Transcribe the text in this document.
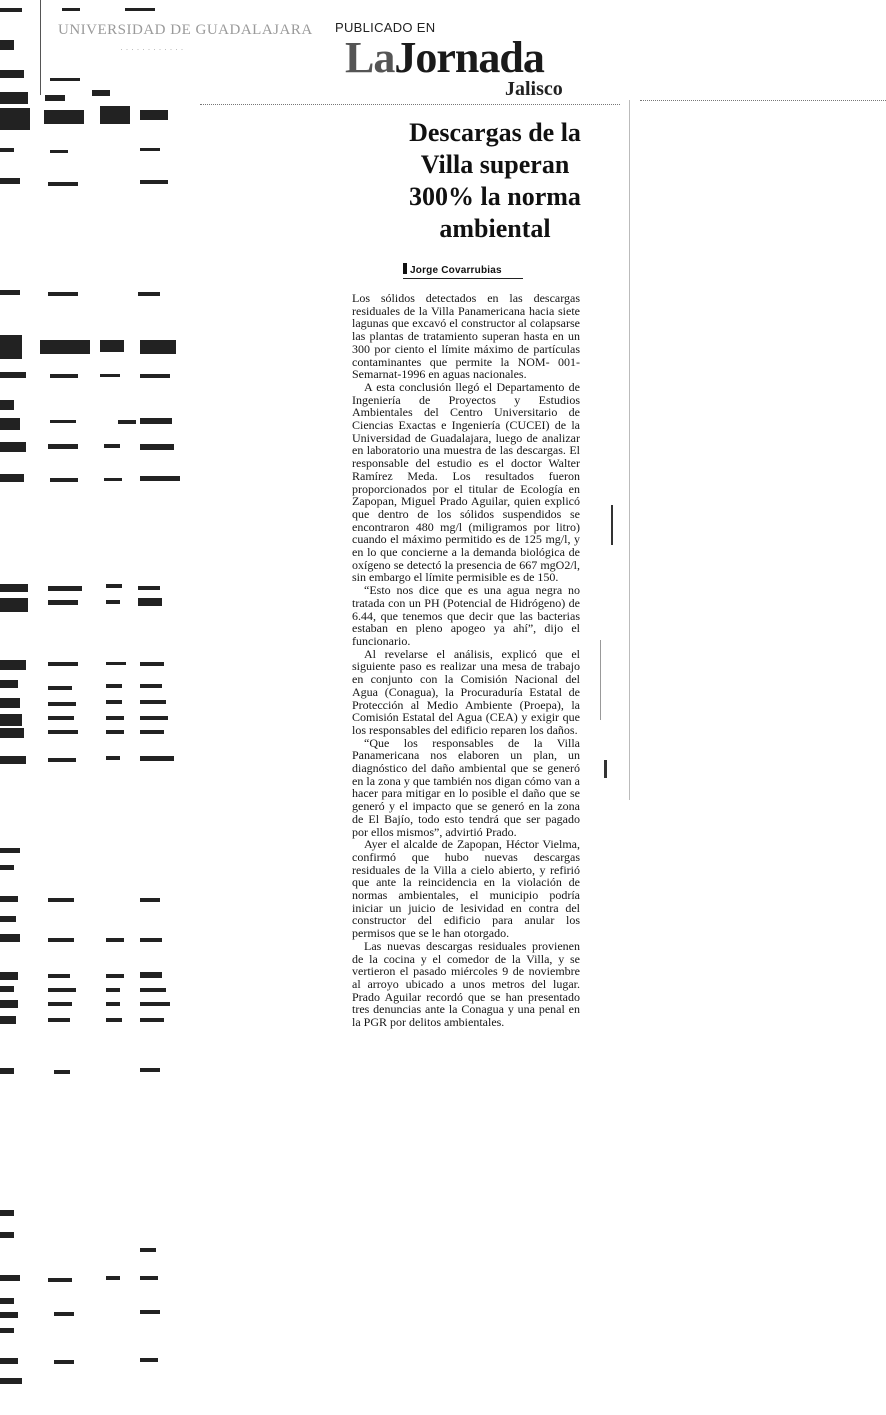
UNIVERSIDAD DE GUADALAJARA
· · · · · · · · · · · ·
PUBLICADO EN
LaJornada
Jalisco
Descargas de la Villa superan 300% la norma ambiental
Jorge Covarrubias

Los sólidos detectados en las descargas residuales de la Villa Panamericana hacia siete lagunas que excavó el constructor al colapsarse las plantas de tratamiento superan hasta en un 300 por ciento el límite máximo de partículas contaminantes que permite la NOM- 001-Semarnat-1996 en aguas nacionales.

A esta conclusión llegó el Departamento de Ingeniería de Proyectos y Estudios Ambientales del Centro Universitario de Ciencias Exactas e Ingeniería (CUCEI) de la Universidad de Guadalajara, luego de analizar en laboratorio una muestra de las descargas. El responsable del estudio es el doctor Walter Ramírez Meda. Los resultados fueron proporcionados por el titular de Ecología en Zapopan, Miguel Prado Aguilar, quien explicó que dentro de los sólidos suspendidos se encontraron 480 mg/l (miligramos por litro) cuando el máximo permitido es de 125 mg/l, y en lo que concierne a la demanda biológica de oxígeno se detectó la presencia de 667 mgO2/l, sin embargo el límite permisible es de 150.

“Esto nos dice que es una agua negra no tratada con un PH (Potencial de Hidrógeno) de 6.44, que tenemos que decir que las bacterias estaban en pleno apogeo ya ahí”, dijo el funcionario.

Al revelarse el análisis, explicó que el siguiente paso es realizar una mesa de trabajo en conjunto con la Comisión Nacional del Agua (Conagua), la Procuraduría Estatal de Protección al Medio Ambiente (Proepa), la Comisión Estatal del Agua (CEA) y exigir que los responsables del edificio reparen los daños.

“Que los responsables de la Villa Panamericana nos elaboren un plan, un diagnóstico del daño ambiental que se generó en la zona y que también nos digan cómo van a hacer para mitigar en lo posible el daño que se generó y el impacto que se generó en la zona de El Bajío, todo esto tendrá que ser pagado por ellos mismos”, advirtió Prado.

Ayer el alcalde de Zapopan, Héctor Vielma, confirmó que hubo nuevas descargas residuales de la Villa a cielo abierto, y refirió que ante la reincidencia en la violación de normas ambientales, el municipio podría iniciar un juicio de lesividad en contra del constructor del edificio para anular los permisos que se le han otorgado.

Las nuevas descargas residuales provienen de la cocina y el comedor de la Villa, y se vertieron el pasado miércoles 9 de noviembre al arroyo ubicado a unos metros del lugar. Prado Aguilar recordó que se han presentado tres denuncias ante la Conagua y una penal en la PGR por delitos ambientales.
